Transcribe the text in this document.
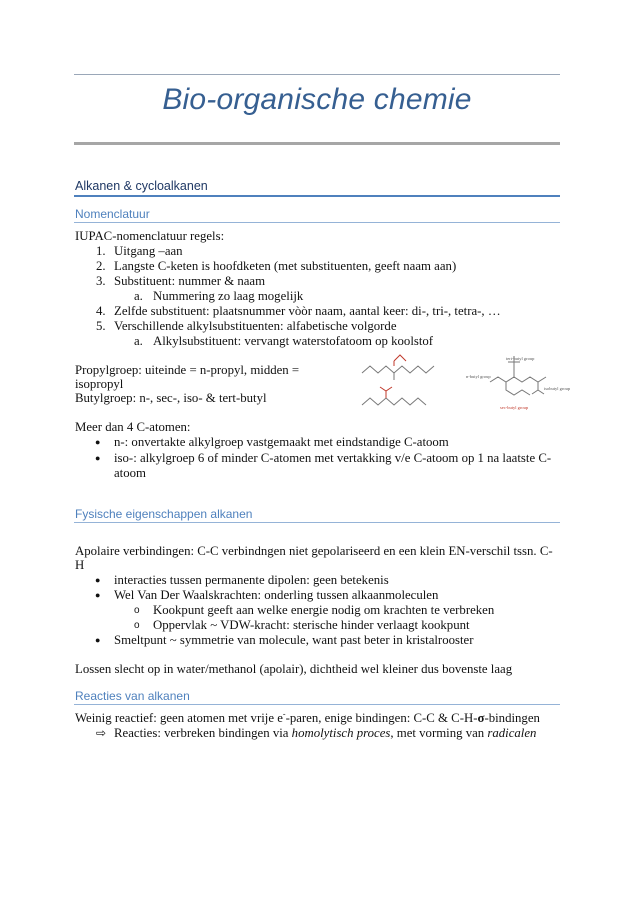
Bio-organische chemie
Alkanen & cycloalkanen
Nomenclatuur
IUPAC-nomenclatuur regels:
1. Uitgang –aan
2. Langste C-keten is hoofdketen (met substituenten, geeft naam aan)
3. Substituent: nummer & naam
a. Nummering zo laag mogelijk
4. Zelfde substituent: plaatsnummer vòòr naam, aantal keer: di-, tri-, tetra-, …
5. Verschillende alkylsubstituenten: alfabetische volgorde
a. Alkylsubstituent: vervangt waterstofatoom op koolstof
Propylgroep: uiteinde = n-propyl, midden =
isopropyl
Butylgroep: n-, sec-, iso- & tert-butyl
tert-butyl group
n-butyl group
isobutyl group
sec-butyl group
Meer dan 4 C-atomen:
● n-: onvertakte alkylgroep vastgemaakt met eindstandige C-atoom
● iso-: alkylgroep 6 of minder C-atomen met vertakking v/e C-atoom op 1 na laatste C-
atoom
Fysische eigenschappen alkanen
Apolaire verbindingen: C-C verbindngen niet gepolariseerd en een klein EN-verschil tssn. C-
H
● interacties tussen permanente dipolen: geen betekenis
● Wel Van Der Waalskrachten: onderling tussen alkaanmoleculen
o Kookpunt geeft aan welke energie nodig om krachten te verbreken
o Oppervlak ~ VDW-kracht: sterische hinder verlaagt kookpunt
● Smeltpunt ~ symmetrie van molecule, want past beter in kristalrooster
Lossen slecht op in water/methanol (apolair), dichtheid wel kleiner dus bovenste laag
Reacties van alkanen
Weinig reactief: geen atomen met vrije e--paren, enige bindingen: C-C & C-H-σ-bindingen
⇨ Reacties: verbreken bindingen via homolytisch proces, met vorming van radicalen
